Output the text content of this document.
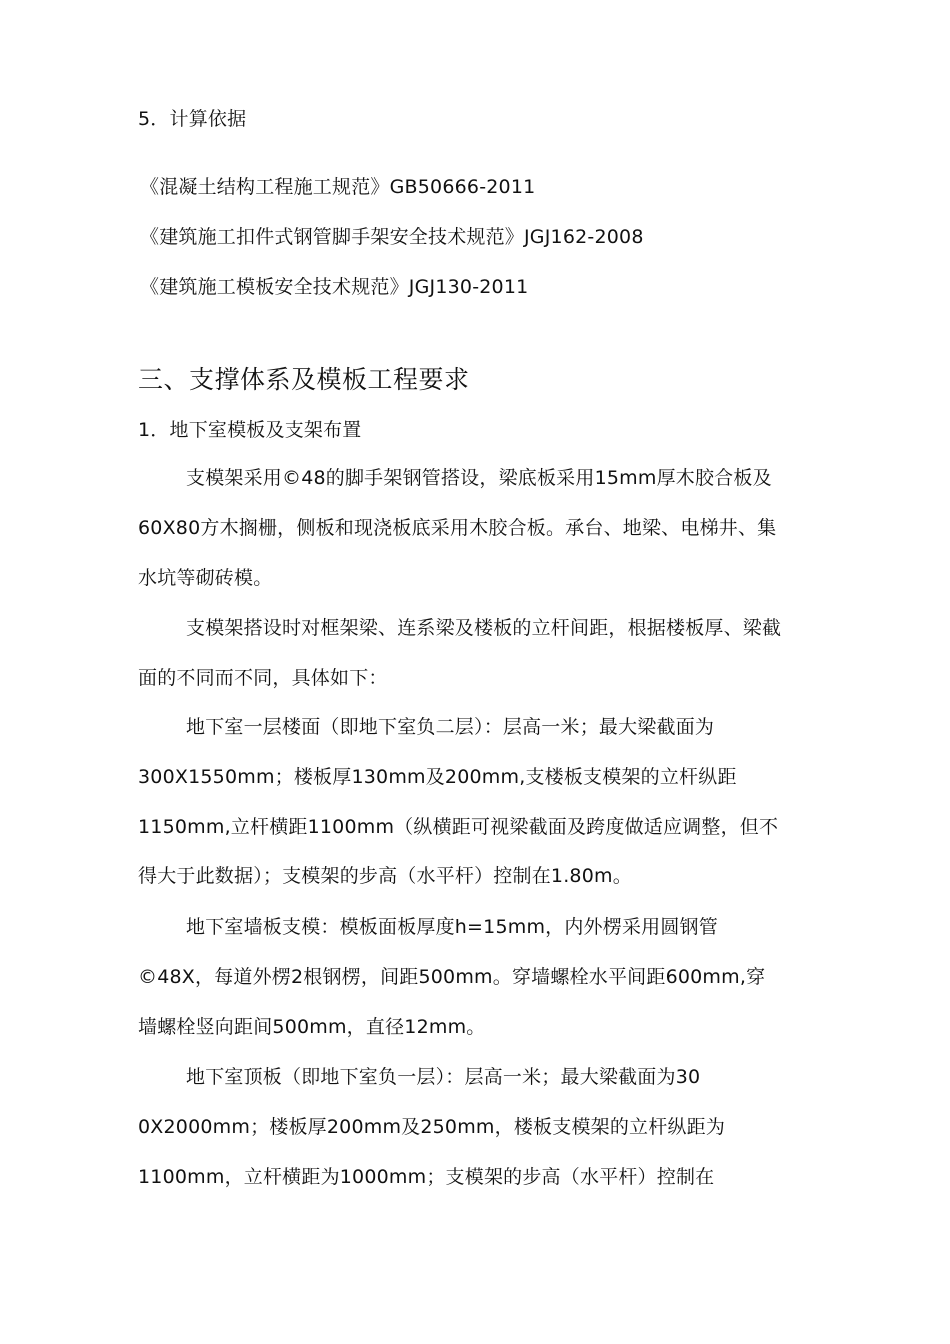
5．计算依据
《混凝土结构工程施工规范》GB50666-2011
《建筑施工扣件式钢管脚手架安全技术规范》JGJ162-2008
《建筑施工模板安全技术规范》JGJ130-2011
三、支撑体系及模板工程要求
1．地下室模板及支架布置
支模架采用©48的脚手架钢管搭设，梁底板采用15mm厚木胶合板及
60X80方木搁栅，侧板和现浇板底采用木胶合板。承台、地梁、电梯井、集
水坑等砌砖模。
支模架搭设时对框架梁、连系梁及楼板的立杆间距，根据楼板厚、梁截
面的不同而不同，具体如下：
地下室一层楼面（即地下室负二层）：层高一米；最大梁截面为
300X1550mm；楼板厚130mm及200mm,支楼板支模架的立杆纵距
1150mm,立杆横距1100mm（纵横距可视梁截面及跨度做适应调整，但不
得大于此数据）；支模架的步高（水平杆）控制在1.80m。
地下室墙板支模：模板面板厚度h=15mm，内外楞采用圆钢管
©48X，每道外楞2根钢楞，间距500mm。穿墙螺栓水平间距600mm,穿
墙螺栓竖向距间500mm，直径12mm。
地下室顶板（即地下室负一层）：层高一米；最大梁截面为30
0X2000mm；楼板厚200mm及250mm，楼板支模架的立杆纵距为
1100mm，立杆横距为1000mm；支模架的步高（水平杆）控制在
